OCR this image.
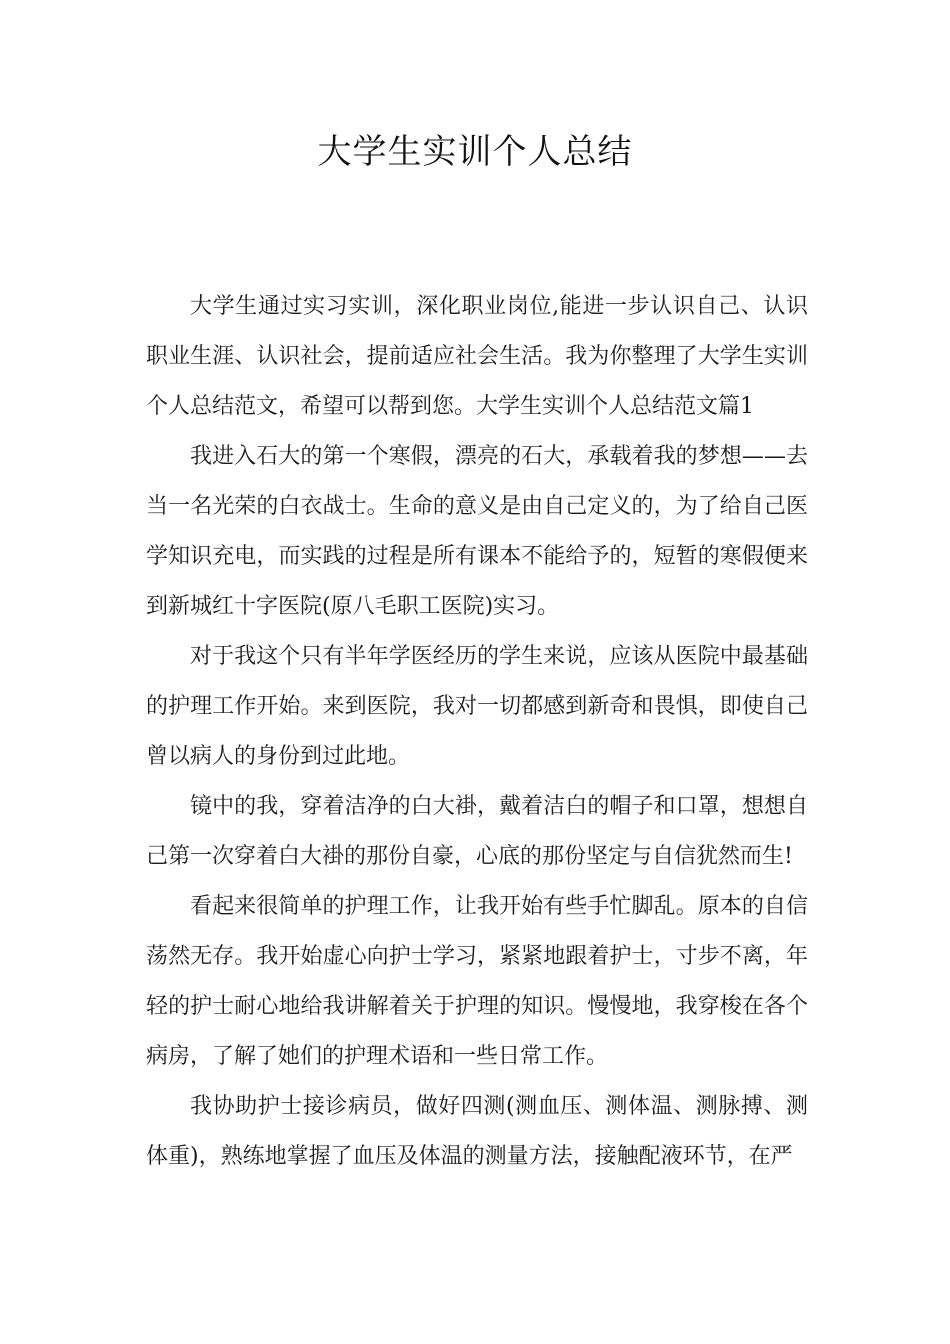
大学生实训个人总结

大学生通过实习实训，深化职业岗位,能进一步认识自己、认识职业生涯、认识社会，提前适应社会生活。我为你整理了大学生实训个人总结范文，希望可以帮到您。大学生实训个人总结范文篇1

我进入石大的第一个寒假，漂亮的石大，承载着我的梦想——去当一名光荣的白衣战士。生命的意义是由自己定义的，为了给自己医学知识充电，而实践的过程是所有课本不能给予的，短暂的寒假便来到新城红十字医院(原八毛职工医院)实习。

对于我这个只有半年学医经历的学生来说，应该从医院中最基础的护理工作开始。来到医院，我对一切都感到新奇和畏惧，即使自己曾以病人的身份到过此地。

镜中的我，穿着洁净的白大褂，戴着洁白的帽子和口罩，想想自己第一次穿着白大褂的那份自豪，心底的那份坚定与自信犹然而生!

看起来很简单的护理工作，让我开始有些手忙脚乱。原本的自信荡然无存。我开始虚心向护士学习，紧紧地跟着护士，寸步不离，年轻的护士耐心地给我讲解着关于护理的知识。慢慢地，我穿梭在各个病房，了解了她们的护理术语和一些日常工作。

我协助护士接诊病员，做好四测(测血压、测体温、测脉搏、测体重)，熟练地掌握了血压及体温的测量方法，接触配液环节，在严
